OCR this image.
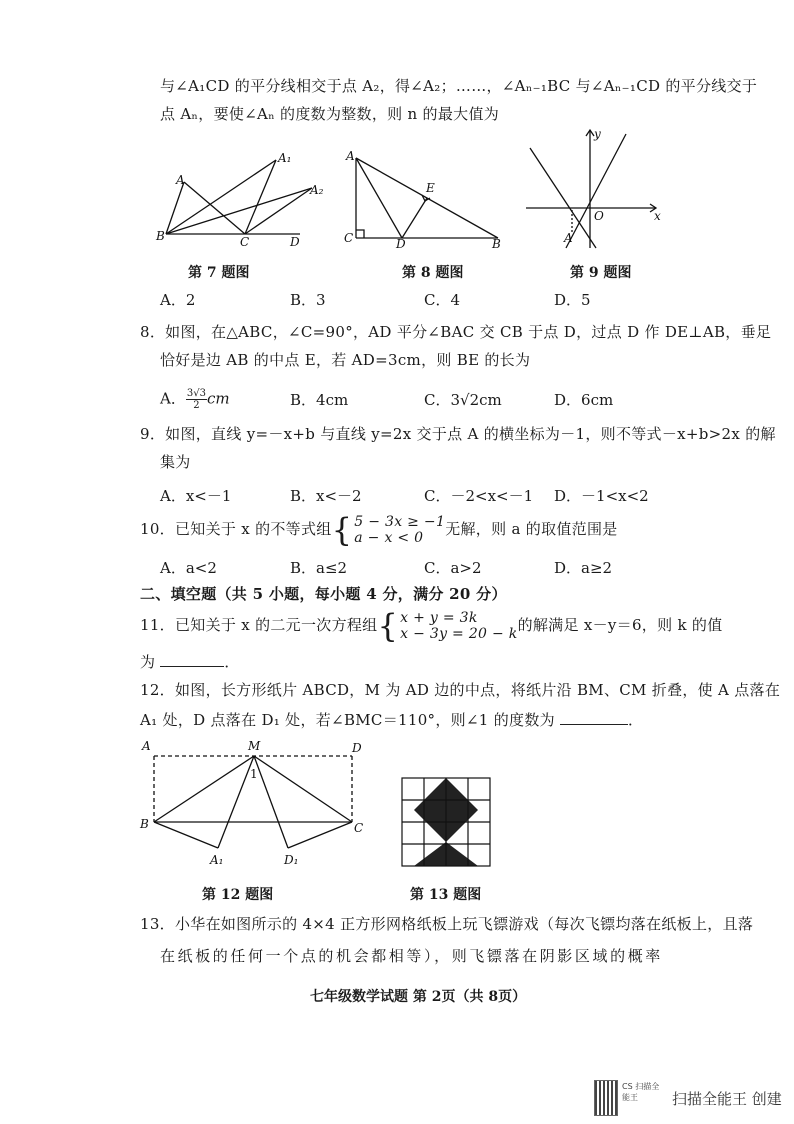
与∠A₁CD 的平分线相交于点 A₂，得∠A₂；……，∠Aₙ₋₁BC 与∠Aₙ₋₁CD 的平分线交于
点 Aₙ，要使∠Aₙ 的度数为整数，则 n 的最大值为
A
A₁
A₂
B	C	D
第 7 题图
A
E
C	D	B
第 8 题图
y
x
O
A
第 9 题图
A．2	B．3	C．4	D．5
8．如图，在△ABC，∠C=90°，AD 平分∠BAC 交 CB 于点 D，过点 D 作 DE⊥AB，垂足
恰好是边 AB 的中点 E，若 AD=3cm，则 BE 的长为
A． $\frac{3√3}{2}$ cm	B．4cm	C．3√2cm	D．6cm
9．如图，直线 y=－x+b 与直线 y=2x 交于点 A 的横坐标为－1，则不等式－x+b>2x 的解
集为
A．x<－1	B．x<－2	C．－2<x<－1 D．－1<x<2
10．已知关于 x 的不等式组 { 5 − 3x ≥ −1
a − x < 0	无解，则 a 的取值范围是
A．a<2	B．a≤2	C．a>2	D．a≥2
二、填空题（共 5 小题，每小题 4 分，满分 20 分）
11．已知关于 x 的二元一次方程组 { x + y = 3k
x − 3y = 20 − k 的解满足 x－y＝6，则 k 的值
为	．
12．如图，长方形纸片 ABCD，M 为 AD 边的中点，将纸片沿 BM、CM 折叠，使 A 点落在
A₁ 处，D 点落在 D₁ 处，若∠BMC＝110°，则∠1 的度数为	．
A	M	D
1
B	C
A₁	D₁
第 12 题图	第 13 题图
13．小华在如图所示的 4×4 正方形网格纸板上玩飞镖游戏（每次飞镖均落在纸板上，且落
在纸板的任何一个点的机会都相等），则飞镖落在阴影区域的概率
七年级数学试题 第 2页（共 8页）
CS 扫描全能王	扫描全能王 创建
